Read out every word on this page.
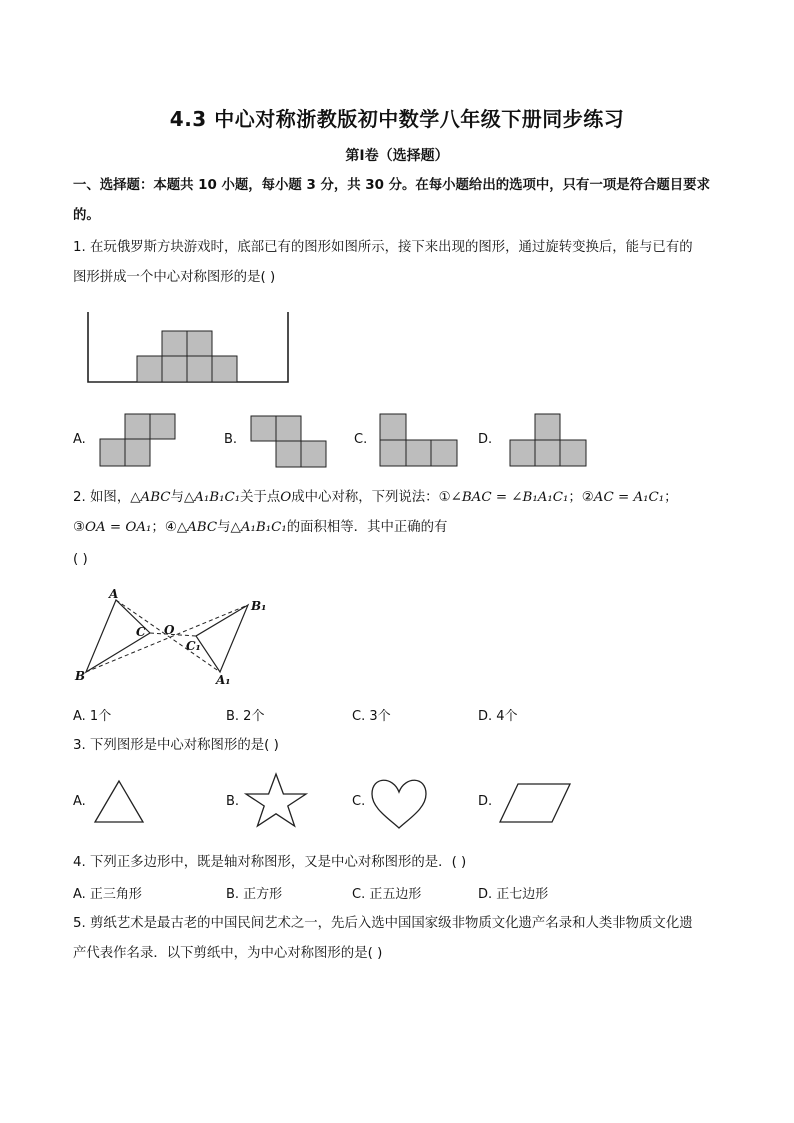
4.3 中心对称浙教版初中数学八年级下册同步练习
第I卷（选择题）
一、选择题：本题共 10 小题，每小题 3 分，共 30 分。在每小题给出的选项中，只有一项是符合题目要求
的。
1. 在玩俄罗斯方块游戏时，底部已有的图形如图所示，接下来出现的图形，通过旋转变换后，能与已有的
图形拼成一个中心对称图形的是( )
A.	B.	C.	D.
2. 如图，△ABC与△A₁B₁C₁关于点O成中心对称，下列说法：①∠BAC = ∠B₁A₁C₁；②AC = A₁C₁；
③OA = OA₁；④△ABC与△A₁B₁C₁的面积相等．其中正确的有
( )
A
B
C O
C₁
B₁
A₁
A. 1个	B. 2个	C. 3个	D. 4个
3. 下列图形是中心对称图形的是( )
A.	B.	C.	D.
4. 下列正多边形中，既是轴对称图形，又是中心对称图形的是．( )
A. 正三角形	B. 正方形	C. 正五边形	D. 正七边形
5. 剪纸艺术是最古老的中国民间艺术之一，先后入选中国国家级非物质文化遗产名录和人类非物质文化遗
产代表作名录．以下剪纸中，为中心对称图形的是( )
